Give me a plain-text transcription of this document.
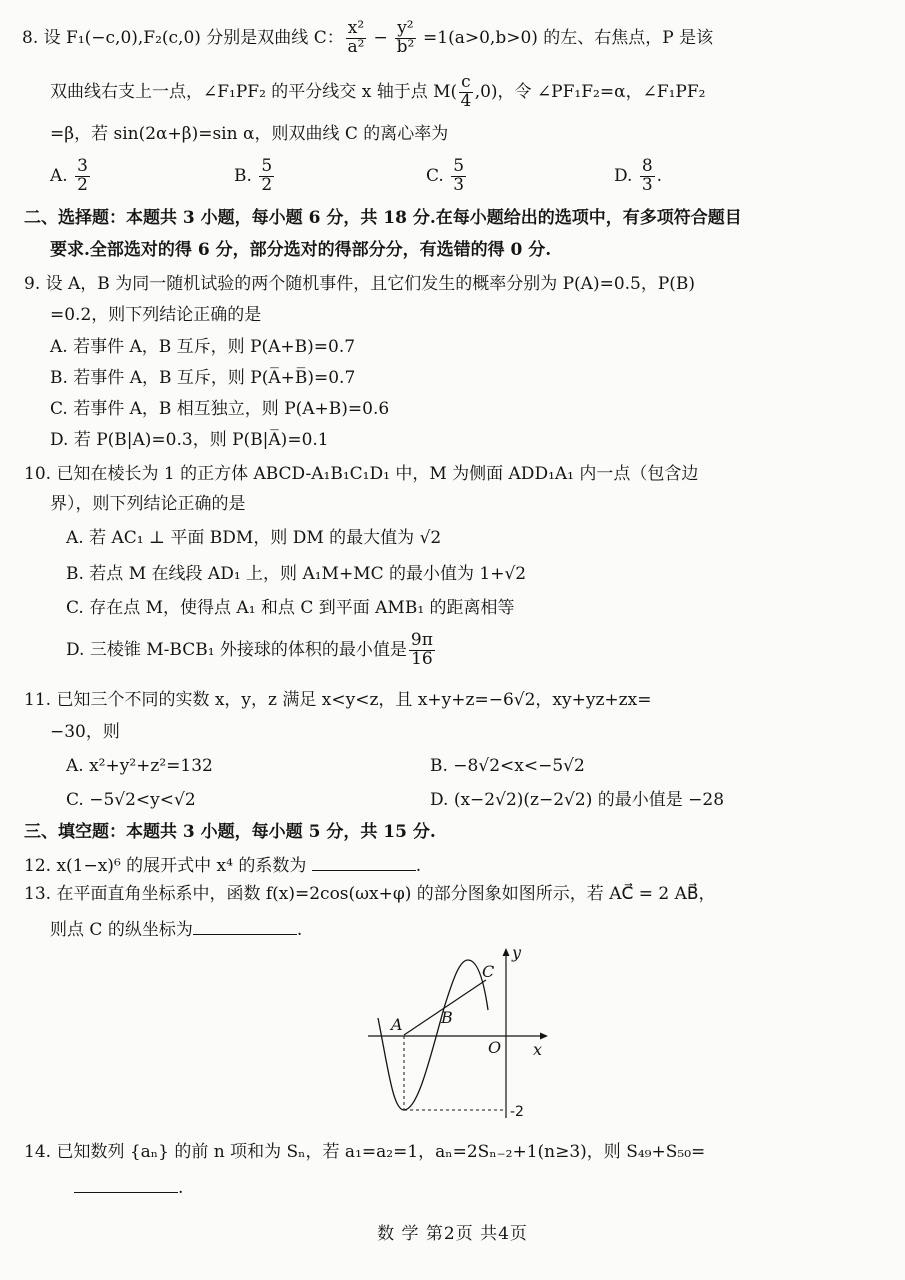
8. 设 F₁(−c,0),F₂(c,0) 分别是双曲线 C： $\frac{\text{x²}}{\text{a²}} - \frac{\text{y²}}{\text{b²}} =1(a>0,b>0)$ 的左、右焦点，P 是该
双曲线右支上一点，∠F₁PF₂ 的平分线交 x 轴于点 $M( \frac{c}{4} ,0)$，令 ∠PF₁F₂=α，∠F₁PF₂
=β，若 sin(2α+β)=sin α，则双曲线 C 的离心率为
A. $\frac{3}{2}$	B. $\frac{5}{2}$	C. $\frac{5}{3}$	D. $\frac{8}{3}$ .
二、选择题：本题共 3 小题，每小题 6 分，共 18 分.在每小题给出的选项中，有多项符合题目
要求.全部选对的得 6 分，部分选对的得部分分，有选错的得 0 分.
9. 设 A，B 为同一随机试验的两个随机事件，且它们发生的概率分别为 P(A)=0.5，P(B)
=0.2，则下列结论正确的是
A. 若事件 A，B 互斥，则 P(A+B)=0.7
B. 若事件 A，B 互斥，则 P(A̅+B̅)=0.7
C. 若事件 A，B 相互独立，则 P(A+B)=0.6
D. 若 P(B|A)=0.3，则 P(B|A̅)=0.1
10. 已知在棱长为 1 的正方体 ABCD-A₁B₁C₁D₁ 中，M 为侧面 ADD₁A₁ 内一点（包含边
界），则下列结论正确的是
A. 若 AC₁ ⊥ 平面 BDM，则 DM 的最大值为 √2
B. 若点 M 在线段 AD₁ 上，则 A₁M+MC 的最小值为 1+√2
C. 存在点 M，使得点 A₁ 和点 C 到平面 AMB₁ 的距离相等
D. 三棱锥 M-BCB₁ 外接球的体积的最小值是 $\frac{9\pi}{16}$
11. 已知三个不同的实数 x，y，z 满足 x<y<z，且 x+y+z=−6√2，xy+yz+zx=
−30，则
A. x²+y²+z²=132	B. −8√2<x<−5√2
C. −5√2<y<√2	D. (x−2√2)(z−2√2) 的最小值是 −28
三、填空题：本题共 3 小题，每小题 5 分，共 15 分.
12. x(1−x)⁶ 的展开式中 x⁴ 的系数为	.
13. 在平面直角坐标系中，函数 f(x)=2cos(ωx+φ) 的部分图象如图所示，若 AC⃗ = 2 AB⃗，
则点 C 的纵坐标为	.
A B
C
O x
y
-2
14. 已知数列 {aₙ} 的前 n 项和为 Sₙ，若 a₁=a₂=1，aₙ=2Sₙ₋₂+1(n≥3)，则 S₄₉+S₅₀=
.
数 学 第2页 共4页
